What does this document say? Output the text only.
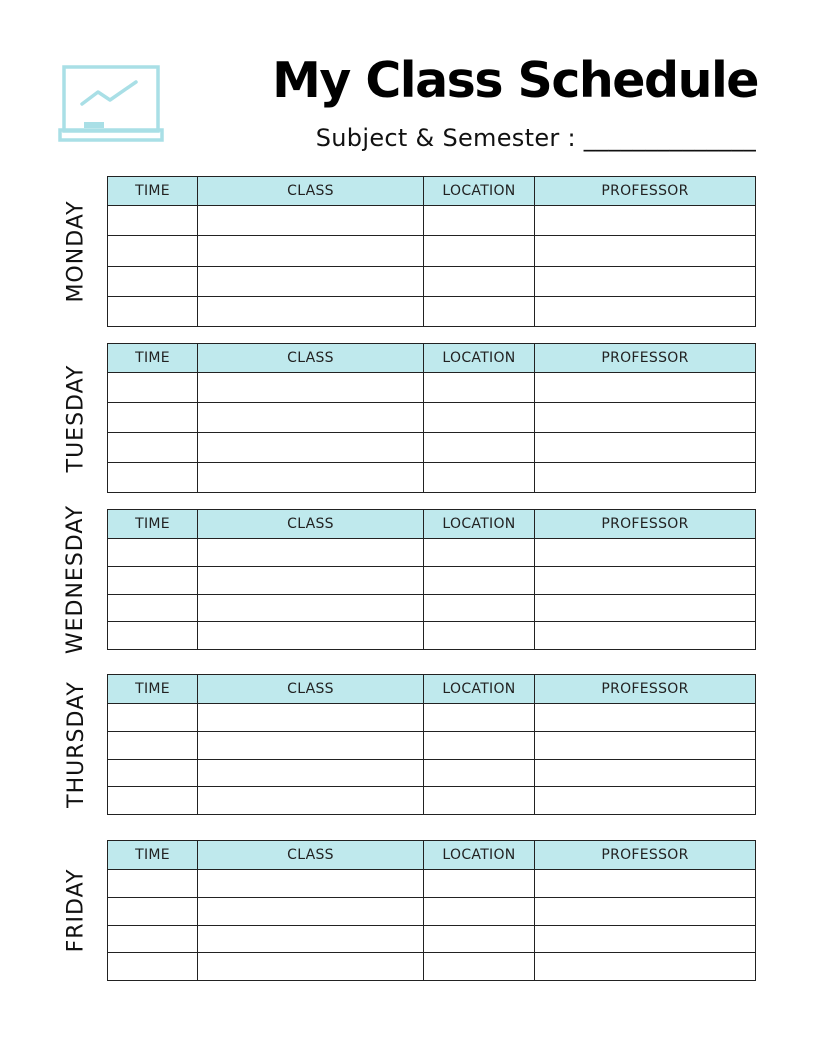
My Class Schedule
Subject & Semester : ______________
MONDAY
TIME	CLASS	LOCATION	PROFESSOR

TUESDAY
TIME	CLASS	LOCATION	PROFESSOR

WEDNESDAY	TIME	CLASS	LOCATION	PROFESSOR

THURSDAY	TIME	CLASS	LOCATION	PROFESSOR

FRIDAY
TIME	CLASS	LOCATION	PROFESSOR
